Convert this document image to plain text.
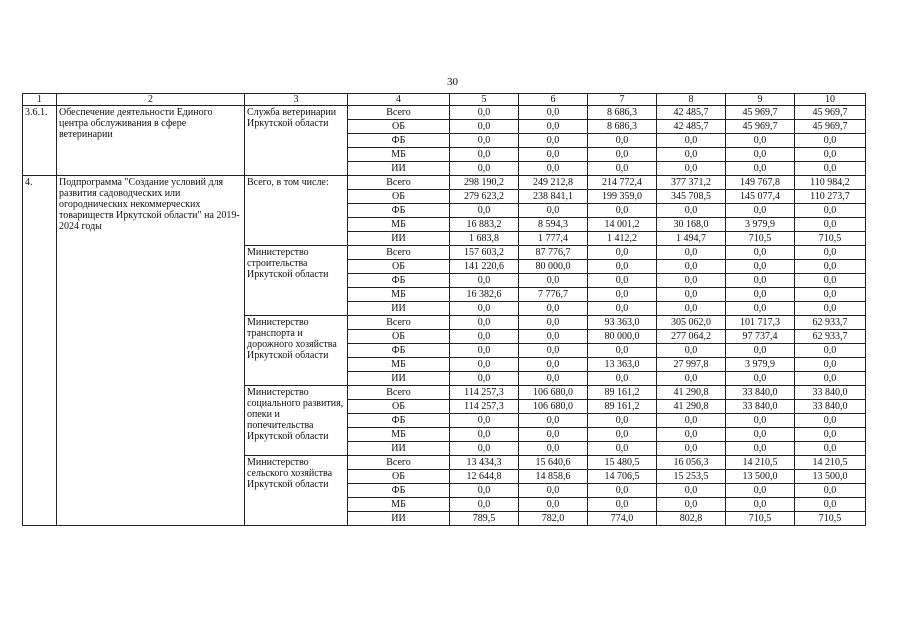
30
1	2	3	4	5	6	7	8	9	10
3.6.1.	Обеспечение деятельности Единого центра обслуживания в сфере ветеринарии	Служба ветеринарии Иркутской области	Всего	0,0	0,0	8 686,3	42 485,7	45 969,7	45 969,7
			ОБ	0,0	0,0	8 686,3	42 485,7	45 969,7	45 969,7
			ФБ	0,0	0,0	0,0	0,0	0,0	0,0
			МБ	0,0	0,0	0,0	0,0	0,0	0,0
			ИИ	0,0	0,0	0,0	0,0	0,0	0,0
4.	Подпрограмма "Создание условий для развития садоводческих или огороднических некоммерческих товариществ Иркутской области" на 2019-2024 годы	Всего, в том числе:	Всего	298 190,2	249 212,8	214 772,4	377 371,2	149 767,8	110 984,2
			ОБ	279 623,2	238 841,1	199 359,0	345 708,5	145 077,4	110 273,7
			ФБ	0,0	0,0	0,0	0,0	0,0	0,0
			МБ	16 883,2	8 594,3	14 001,2	30 168,0	3 979,9	0,0
			ИИ	1 683,8	1 777,4	1 412,2	1 494,7	710,5	710,5
		Министерство строительства Иркутской области	Всего	157 603,2	87 776,7	0,0	0,0	0,0	0,0
			ОБ	141 220,6	80 000,0	0,0	0,0	0,0	0,0
			ФБ	0,0	0,0	0,0	0,0	0,0	0,0
			МБ	16 382,6	7 776,7	0,0	0,0	0,0	0,0
			ИИ	0,0	0,0	0,0	0,0	0,0	0,0
		Министерство транспорта и дорожного хозяйства Иркутской области	Всего	0,0	0,0	93 363,0	305 062,0	101 717,3	62 933,7
			ОБ	0,0	0,0	80 000,0	277 064,2	97 737,4	62 933,7
			ФБ	0,0	0,0	0,0	0,0	0,0	0,0
			МБ	0,0	0,0	13 363,0	27 997,8	3 979,9	0,0
			ИИ	0,0	0,0	0,0	0,0	0,0	0,0
		Министерство социального развития, опеки и попечительства Иркутской области	Всего	114 257,3	106 680,0	89 161,2	41 290,8	33 840,0	33 840,0
			ОБ	114 257,3	106 680,0	89 161,2	41 290,8	33 840,0	33 840,0
			ФБ	0,0	0,0	0,0	0,0	0,0	0,0
			МБ	0,0	0,0	0,0	0,0	0,0	0,0
			ИИ	0,0	0,0	0,0	0,0	0,0	0,0
		Министерство сельского хозяйства Иркутской области	Всего	13 434,3	15 640,6	15 480,5	16 056,3	14 210,5	14 210,5
			ОБ	12 644,8	14 858,6	14 706,5	15 253,5	13 500,0	13 500,0
			ФБ	0,0	0,0	0,0	0,0	0,0	0,0
			МБ	0,0	0,0	0,0	0,0	0,0	0,0
			ИИ	789,5	782,0	774,0	802,8	710,5	710,5
